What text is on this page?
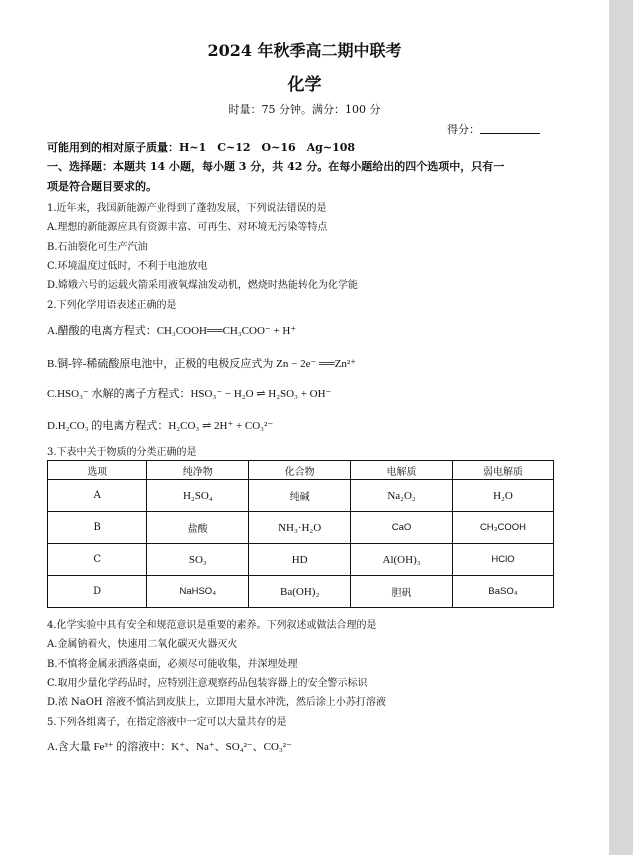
2024 年秋季高二期中联考
化学
时量：75 分钟。满分：100 分
得分：
可能用到的相对原子质量：H~1　C~12　O~16　Ag~108
一、选择题：本题共 14 小题，每小题 3 分，共 42 分。在每小题给出的四个选项中，只有一
项是符合题目要求的。
1.近年来，我国新能源产业得到了蓬勃发展，下列说法错误的是
A.理想的新能源应具有资源丰富、可再生、对环境无污染等特点
B.石油裂化可生产汽油
C.环境温度过低时，不利于电池放电
D.嫦娥六号的运载火箭采用液氧煤油发动机，燃烧时热能转化为化学能
2.下列化学用语表述正确的是
A.醋酸的电离方程式：CH₃COOH══CH₃COO⁻ + H⁺
B.铜-锌-稀硫酸原电池中，正极的电极反应式为 Zn − 2e⁻ ══Zn²⁺
C.HSO₃⁻ 水解的离子方程式：HSO₃⁻ − H₂O ⇌ H₂SO₃ + OH⁻
D.H₂CO₃ 的电离方程式：H₂CO₃ ⇌ 2H⁺ + CO₃²⁻
3.下表中关于物质的分类正确的是
选项	纯净物	化合物	电解质	弱电解质
A	H₂SO₄	纯碱	Na₂O₂	H₂O
B	盐酸	NH₃·H₂O	CaO	CH₃COOH
C	SO₃	HD	Al(OH)₃	HClO
D	NaHSO₄	Ba(OH)₂	胆矾	BaSO₄
4.化学实验中具有安全和规范意识是重要的素养。下列叙述或做法合理的是
A.金属钠着火，快速用二氧化碳灭火器灭火
B.不慎将金属汞洒落桌面，必须尽可能收集，并深埋处理
C.取用少量化学药品时，应特别注意观察药品包装容器上的安全警示标识
D.浓 NaOH 溶液不慎沾到皮肤上，立即用大量水冲洗，然后涂上小苏打溶液
5.下列各组离子，在指定溶液中一定可以大量共存的是
A.含大量 Fe³⁺ 的溶液中：K⁺、Na⁺、SO₄²⁻、CO₃²⁻
